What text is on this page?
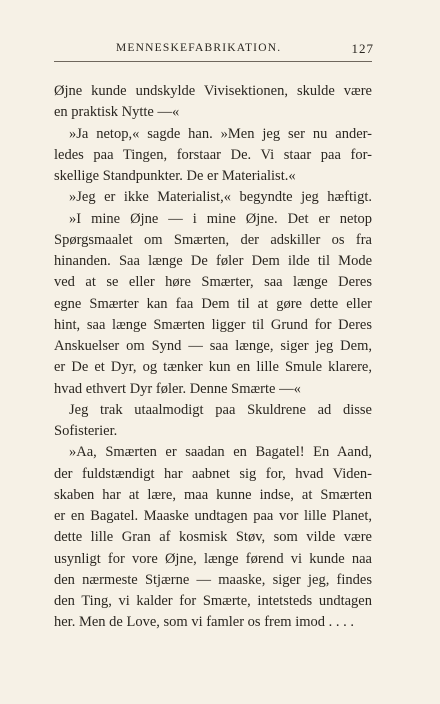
MENNESKEFABRIKATION.	127
Øjne kunde undskylde Vivisektionen, skulde være
en praktisk Nytte —«
»Ja netop,« sagde han. »Men jeg ser nu ander-
ledes paa Tingen, forstaar De. Vi staar paa for-
skellige Standpunkter. De er Materialist.«
»Jeg er ikke Materialist,« begyndte jeg hæftigt.
»I mine Øjne — i mine Øjne. Det er netop
Spørgsmaalet om Smærten, der adskiller os fra
hinanden. Saa længe De føler Dem ilde til Mode
ved at se eller høre Smærter, saa længe Deres
egne Smærter kan faa Dem til at gøre dette eller
hint, saa længe Smærten ligger til Grund for Deres
Anskuelser om Synd — saa længe, siger jeg Dem,
er De et Dyr, og tænker kun en lille Smule klarere,
hvad ethvert Dyr føler. Denne Smærte —«
Jeg trak utaalmodigt paa Skuldrene ad disse
Sofisterier.
»Aa, Smærten er saadan en Bagatel! En Aand,
der fuldstændigt har aabnet sig for, hvad Viden-
skaben har at lære, maa kunne indse, at Smærten
er en Bagatel. Maaske undtagen paa vor lille Planet,
dette lille Gran af kosmisk Støv, som vilde være
usynligt for vore Øjne, længe førend vi kunde naa
den nærmeste Stjærne — maaske, siger jeg, findes
den Ting, vi kalder for Smærte, intetsteds undtagen
her. Men de Love, som vi famler os frem imod . . . .
